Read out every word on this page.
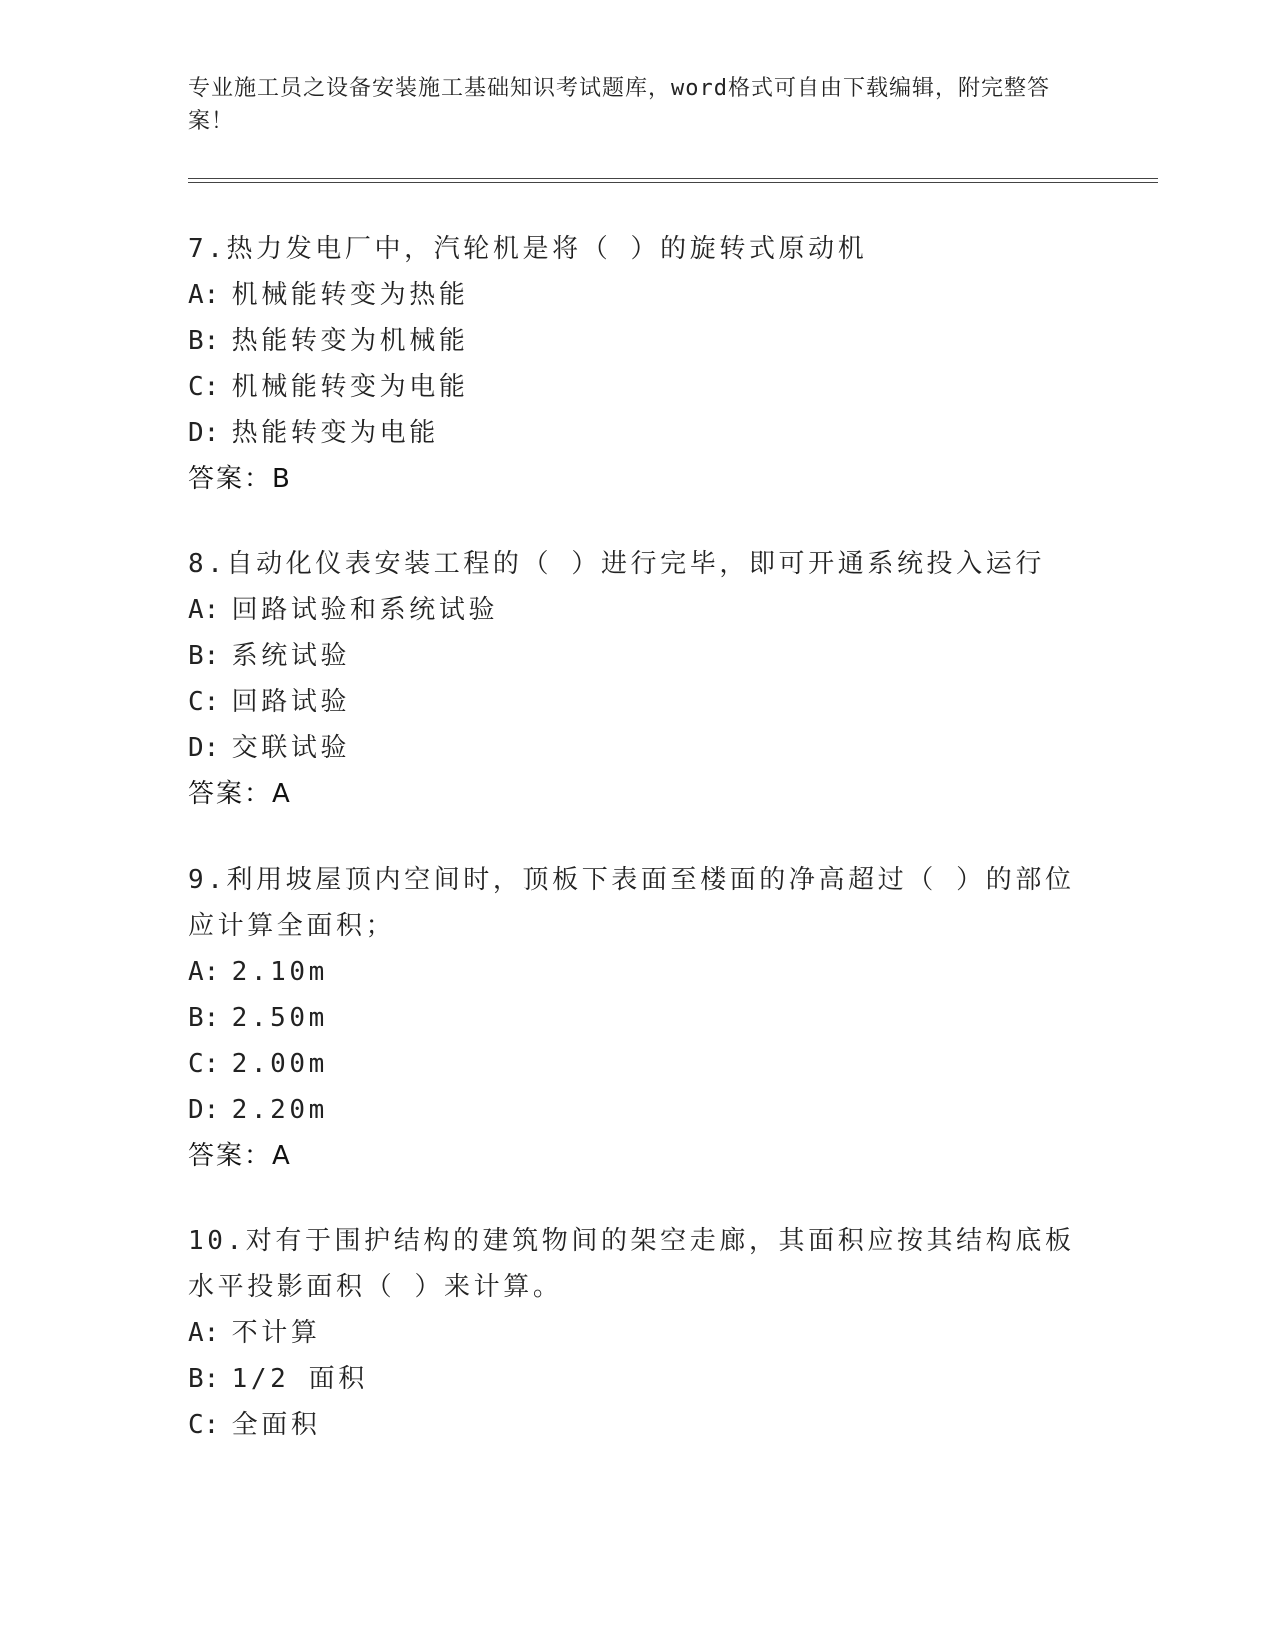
专业施工员之设备安装施工基础知识考试题库，word格式可自由下载编辑，附完整答案！
7.热力发电厂中，汽轮机是将（ ）的旋转式原动机
A: 机械能转变为热能
B: 热能转变为机械能
C: 机械能转变为电能
D: 热能转变为电能
答案：B
8.自动化仪表安装工程的（ ）进行完毕，即可开通系统投入运行
A: 回路试验和系统试验
B: 系统试验
C: 回路试验
D: 交联试验
答案：A
9.利用坡屋顶内空间时，顶板下表面至楼面的净高超过（ ）的部位应计算全面积；
A: 2.10m
B: 2.50m
C: 2.00m
D: 2.20m
答案：A
10.对有于围护结构的建筑物间的架空走廊，其面积应按其结构底板水平投影面积（ ）来计算。
A: 不计算
B: 1/2 面积
C: 全面积
